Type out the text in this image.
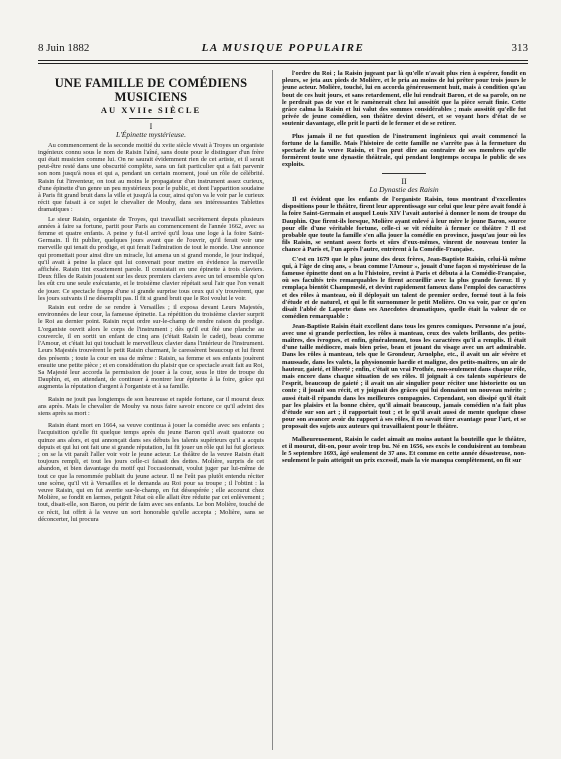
8 Juin 1882	LA MUSIQUE POPULAIRE	313
UNE FAMILLE DE COMÉDIENS MUSICIENS
AU XVIIe SIÈCLE
I
L'Épinette mystérieuse.

Au commencement de la seconde moitié du xviie siècle vivait à Troyes un organiste ingénieux connu sous le nom de Raisin l'aîné, sans doute pour le distinguer d'un frère qui était musicien comme lui. On ne saurait évidemment rien de cet artiste, et il serait peut-être resté dans une obscurité complète, sans un fait particulier qui a fait parvenir son nom jusqu'à nous et qui a, pendant un certain moment, joué un rôle de célébrité. Raisin fut l'inventeur, on tout au moins le propagateur d'un instrument assez curieux, d'une épinette d'un genre un peu mystérieux pour le public, et dont l'apparition soudaine à Paris fit grand bruit dans la ville et jusqu'à la cour, ainsi qu'on va le voir par le curieux récit que faisait à ce sujet le chevalier de Mouhy, dans ses intéressantes Tablettes dramatiques :

Le sieur Raisin, organiste de Troyes, qui travaillait secrètement depuis plusieurs années à faire sa fortune, partit pour Paris au commencement de l'année 1662, avec sa femme et quatre enfants. A peine y fut-il arrivé qu'il loua une loge à la foire Saint-Germain. Il fit publier, quelques jours avant que de l'ouvrir, qu'il ferait voir une merveille qui tenait du prodige, et qui ferait l'admiration de tout le monde. Une annonce qui promettait pour ainsi dire un miracle, lui amena un si grand monde, le jour indiqué, qu'il avait à peine la place qui lui convenait pour mettre en évidence la merveille affichée. Raisin tint exactement parole. Il consistait en une épinette à trois claviers. Deux filles de Raisin jouaient sur les deux premiers claviers avec un tel ensemble qu'on les eût cru une seule exécutante, et le troisième clavier répétait seul l'air que l'on venait de jouer. Ce spectacle frappa d'une si grande surprise tous ceux qui s'y trouvèrent, que les jours suivants il ne désemplit pas. Il fit si grand bruit que le Roi voulut le voir.

Raisin eut ordre de se rendre à Versailles ; il exposa devant Leurs Majestés, environnées de leur cour, la fameuse épinette. La répétition du troisième clavier surprit le Roi au dernier point. Raisin reçut ordre sur-le-champ de rendre raison du prodige. L'organiste ouvrit alors le corps de l'instrument ; dès qu'il eut ôté une planche au couvercle, il en sortit un enfant de cinq ans (c'était Raisin le cadet), beau comme l'Amour, et c'était lui qui touchait le merveilleux clavier dans l'intérieur de l'instrument. Leurs Majestés trouvèrent le petit Raisin charmant, le caressèrent beaucoup et lui firent des présents ; toute la cour en usa de même : Raisin, sa femme et ses enfants jouèrent ensuite une petite pièce ; et en considération du plaisir que ce spectacle avait fait au Roi, Sa Majesté leur accorda la permission de jouer à la cour, sous le titre de troupe du Dauphin, et, en attendant, de continuer à montrer leur épinette à la foire, grâce qui augmenta la réputation d'argent à l'organiste et à sa famille.

Raisin ne jouit pas longtemps de son heureuse et rapide fortune, car il mourut deux ans après. Mais le chevalier de Mouhy va nous faire savoir encore ce qu'il advint des siens après sa mort :

Raisin étant mort en 1664, sa veuve continua à jouer la comédie avec ses enfants ; l'acquisition qu'elle fit quelque temps après du jeune Baron qu'il avait quatorze ou quinze ans alors, et qui annonçait dans ses débuts les talents supérieurs qu'il a acquis depuis et qui lui ont fait une si grande réputation, lui fit jouer un rôle qui lui fut glorieux ; on se la vit paraît l'aller voir voir le jeune acteur. Le théâtre de la veuve Raisin était toujours rempli, et tout les jours celle-ci faisait des dettes. Molière, surpris de cet abandon, et bien davantage du motif qui l'occasionnait, voulut juger par lui-même de tout ce que la renommée publiait du jeune acteur. Il ne l'eût pas plutôt entendu réciter une scène, qu'il vit à Versailles et le demanda au Roi pour sa troupe ; il l'obtint : la veuve Raisin, qui en fut avertie sur-le-champ, en fut désespérée ; elle accourut chez Molière, se fondit en larmes, peignit l'état où elle allait être réduite par cet enlèvement ; tout, disait-elle, son Baron, ou périr de faim avec ses enfants. Le bon Molière, touché de ce récit, lui offrit à la veuve un sort honorable qu'elle accepta ; Molière, sans se déconcerter, lui procura

l'ordre du Roi ; la Raisin jugeant par là qu'elle n'avait plus rien à espérer, fondit en pleurs, se jeta aux pieds de Molière, et le pria au moins de lui prêter pour trois jours le jeune acteur. Molière, touché, lui en accorda généreusement huit, mais à condition qu'au bout de ces huit jours, et sans retardement, elle lui rendrait Baron, et de sa parole, on ne le perdrait pas de vue et le ramènerait chez lui aussitôt que la pièce serait finie. Cette grâce calma la Raisin et lui valut des sommes considérables ; mais aussitôt qu'elle fut privée de jeune comédien, son théâtre devint désert, et se voyant hors d'état de se soutenir davantage, elle prit le parti de le fermer et de se retirer.

Plus jamais il ne fut question de l'instrument ingénieux qui avait commencé la fortune de la famille. Mais l'histoire de cette famille ne s'arrête pas à la fermeture du spectacle de la veuve Raisin, et l'on peut dire au contraire de ses membres qu'elle formèrent toute une dynastie théâtrale, qui pendant longtemps occupa le public de ses exploits.

II
La Dynastie des Raisin

Il est évident que les enfants de l'organiste Raisin, tous montrant d'excellentes dispositions pour le théâtre, firent leur apprentissage sur celui que leur père avait fondé à la foire Saint-Germain et auquel Louis XIV l'avait autorisé à donner le nom de troupe du Dauphin. Que firent-ils lorsque, Molière ayant enlevé à leur mère le jeune Baron, source pour elle d'une véritable fortune, celle-ci se vit réduite à fermer ce théâtre ? Il est probable que toute la famille s'en alla jouer la comédie en province, jusqu'au jour où les fils Raisin, se sentant assez forts et sûrs d'eux-mêmes, vinrent de nouveau tenter la chance à Paris et, l'un après l'autre, entrèrent à la Comédie-Française.

C'est en 1679 que le plus jeune des deux frères, Jean-Baptiste Raisin, celui-là même qui, à l'âge de cinq ans, « beau comme l'Amour », jouait d'une façon si mystérieuse de la fameuse épinette dont on a lu l'histoire, revint à Paris et débuta à la Comédie-Française, où ses facultés très remarquables le firent accueillir avec la plus grande faveur. Il y remplaça bientôt Champmeslé, et devint rapidement fameux dans l'emploi des caractères et des rôles à manteau, où il déployait un talent de premier ordre, formé tout à la fois d'étude et de naturel, et qui le fit surnommer le petit Molière. On va voir, par ce qu'en disait l'abbé de Laporte dans ses Anecdotes dramatiques, quelle était la valeur de ce comédien remarquable :

Jean-Baptiste Raisin était excellent dans tous les genres comiques. Personne n'a joué, avec une si grande perfection, les rôles à manteau, ceux des valets brillants, des petits-maîtres, des ivrognes, et enfin, généralement, tous les caractères qu'il a remplis. Il était d'une taille médiocre, mais bien prise, beau et jouant du visage avec un art admirable. Dans les rôles à manteau, tels que le Grondeur, Arnolphe, etc., il avait un air sévère et maussade, dans les valets, la physionomie hardie et maligne, des petits-maîtres, un air de hauteur, gaieté, et liberté ; enfin, c'était un vrai Prothée, non-seulement dans chaque rôle, mais encore dans chaque situation de ses rôles. Il joignait à ces talents supérieurs de l'esprit, beaucoup de gaieté ; il avait un air singulier pour réciter une historiette ou un conte ; il jouait son récit, et y joignait des grâces qui lui donnaient un nouveau mérite ; aussi était-il répandu dans les meilleures compagnies. Cependant, son dissipé qu'il était par les plaisirs et la bonne chère, qu'il aimait beaucoup, jamais comédien n'a fait plus d'étude sur son art ; il rapportait tout ; et le qu'il avait aussi de mente quelque chose pour son avancer avoir du rapport à ses rôles, il en savait tirer avantage pour l'art, et se proposait des sujets aux auteurs qui travaillaient pour le théâtre.

Malheureusement, Raisin le cadet aimait au moins autant la bouteille que le théâtre, et il mourut, dit-on, pour avoir trop bu. Né en 1656, ses excès le conduisirent au tombeau le 5 septembre 1693, âgé seulement de 37 ans. Et comme en cette année désastreuse, non-seulement le pain atteignit un prix excessif, mais la vie manqua complètement, on fit sur
